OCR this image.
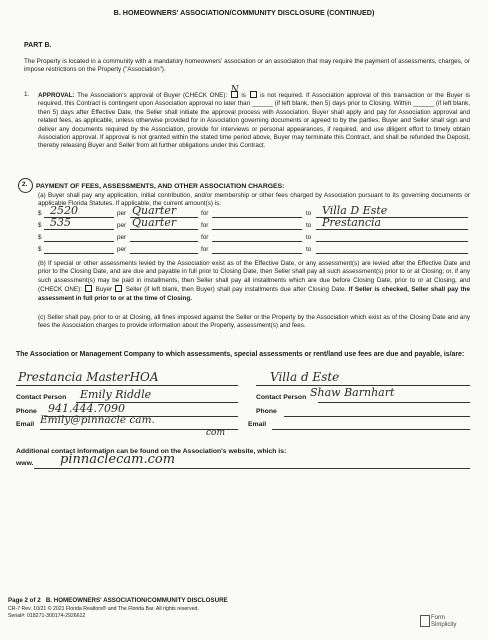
B. HOMEOWNERS' ASSOCIATION/COMMUNITY DISCLOSURE (CONTINUED)
PART B.
The Property is located in a community with a mandatory homeowners' association or an association that may require the payment of assessments, charges, or impose restrictions on the Property ("Association").
1. APPROVAL: The Association's approval of Buyer (CHECK ONE):
N
is is not required. If Association approval of this transaction or the Buyer is required, this Contract is contingent upon Association approval no later than ______ (if left blank, then 5) days prior to Closing. Within ______ (if left blank, then 5) days after Effective Date, the Seller shall initiate the approval process with Association. Buyer shall apply and pay for Association approval and related fees, as applicable, unless otherwise provided for in Association governing documents or agreed to by the parties. Buyer and Seller shall sign and deliver any documents required by the Association, provide for interviews or personal appearances, if required, and use diligent effort to timely obtain Association approval. If approval is not granted within the stated time period above, Buyer may terminate this Contract, and shall be refunded the Deposit, thereby releasing Buyer and Seller from all further obligations under this Contract.
2. PAYMENT OF FEES, ASSESSMENTS, AND OTHER ASSOCIATION CHARGES:
(a) Buyer shall pay any application, initial contribution, and/or membership or other fees charged by Association pursuant to its governing documents or applicable Florida Statutes. If applicable, the current amount(s) is:
$ 2520	per Quarter	for	to Villa D Este
$ 535	per Quarter	for	to Prestancia
$	per	for	to
$	per	for	to
(b) If special or other assessments levied by the Association exist as of the Effective Date, or any assessment(s) are levied after the Effective Date and prior to the Closing Date, and are due and payable in full prior to Closing Date, then Seller shall pay all such assessment(s) prior to or at Closing; or, if any such assessment(s) may be paid in installments, then Seller shall pay all installments which are due before Closing Date, prior to or at Closing, and (CHECK ONE): Buyer Seller (if left blank, then Buyer) shall pay installments due after Closing Date. If Seller is checked, Seller shall pay the assessment in full prior to or at the time of Closing.
(c) Seller shall pay, prior to or at Closing, all fines imposed against the Seller or the Property by the Association which exist as of the Closing Date and any fees the Association charges to provide information about the Property, assessment(s) and fees.
The Association or Management Company to which assessments, special assessments or rent/land use fees are due and payable, is/are:
Prestancia MasterHOA	Villa d Este
Contact Person Emily Riddle	Contact Person Shaw Barnhart
Phone 941.444.7090	Phone
Email Emily@pinnacle cam.
com
Email
Additional contact information can be found on the Association's website, which is:
www. pinnaclecam.com
Page 2 of 2 B. HOMEOWNERS' ASSOCIATION/COMMUNITY DISCLOSURE
CR-7 Rev. 10/21 © 2021 Florida Realtors® and The Florida Bar. All rights reserved.
Serial#: 018271-300174-2926612	Form
Simplicity
